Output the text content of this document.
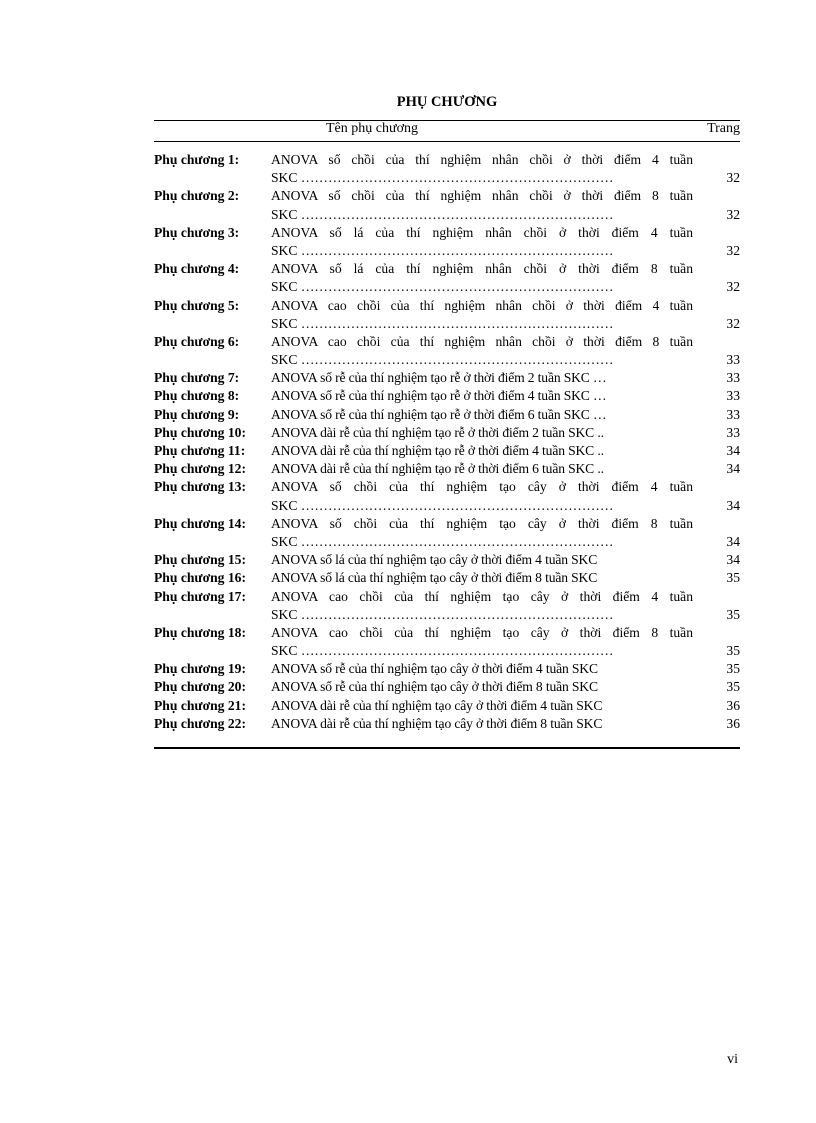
PHỤ CHƯƠNG
Tên phụ chương	Trang
Phụ chương 1: ANOVA số chồi của thí nghiệm nhân chồi ở thời điểm 4 tuần
SKC ……………………………………………………………	32
Phụ chương 2: ANOVA số chồi của thí nghiệm nhân chồi ở thời điểm 8 tuần
SKC ……………………………………………………………	32
Phụ chương 3: ANOVA số lá của thí nghiệm nhân chồi ở thời điểm 4 tuần
SKC ……………………………………………………………	32
Phụ chương 4: ANOVA số lá của thí nghiệm nhân chồi ở thời điểm 8 tuần
SKC ……………………………………………………………	32
Phụ chương 5: ANOVA cao chồi của thí nghiệm nhân chồi ở thời điểm 4 tuần
SKC ……………………………………………………………	32
Phụ chương 6: ANOVA cao chồi của thí nghiệm nhân chồi ở thời điểm 8 tuần
SKC ……………………………………………………………	33
Phụ chương 7: ANOVA số rễ của thí nghiệm tạo rễ ở thời điểm 2 tuần SKC …	33
Phụ chương 8: ANOVA số rễ của thí nghiệm tạo rễ ở thời điểm 4 tuần SKC …	33
Phụ chương 9: ANOVA số rễ của thí nghiệm tạo rễ ở thời điểm 6 tuần SKC …	33
Phụ chương 10: ANOVA dài rễ của thí nghiệm tạo rễ ở thời điểm 2 tuần SKC ..	33
Phụ chương 11: ANOVA dài rễ của thí nghiệm tạo rễ ở thời điểm 4 tuần SKC ..	34
Phụ chương 12: ANOVA dài rễ của thí nghiệm tạo rễ ở thời điểm 6 tuần SKC ..	34
Phụ chương 13: ANOVA số chồi của thí nghiệm tạo cây ở thời điểm 4 tuần
SKC ……………………………………………………………	34
Phụ chương 14: ANOVA số chồi của thí nghiệm tạo cây ở thời điểm 8 tuần
SKC ……………………………………………………………	34
Phụ chương 15: ANOVA số lá của thí nghiệm tạo cây ở thời điểm 4 tuần SKC	34
Phụ chương 16: ANOVA số lá của thí nghiệm tạo cây ở thời điểm 8 tuần SKC	35
Phụ chương 17: ANOVA cao chồi của thí nghiệm tạo cây ở thời điểm 4 tuần
SKC ……………………………………………………………	35
Phụ chương 18: ANOVA cao chồi của thí nghiệm tạo cây ở thời điểm 8 tuần
SKC ……………………………………………………………	35
Phụ chương 19: ANOVA số rễ của thí nghiệm tạo cây ở thời điểm 4 tuần SKC	35
Phụ chương 20: ANOVA số rễ của thí nghiệm tạo cây ở thời điểm 8 tuần SKC	35
Phụ chương 21: ANOVA dài rễ của thí nghiệm tạo cây ở thời điểm 4 tuần SKC	36
Phụ chương 22: ANOVA dài rễ của thí nghiệm tạo cây ở thời điểm 8 tuần SKC	36
vi
